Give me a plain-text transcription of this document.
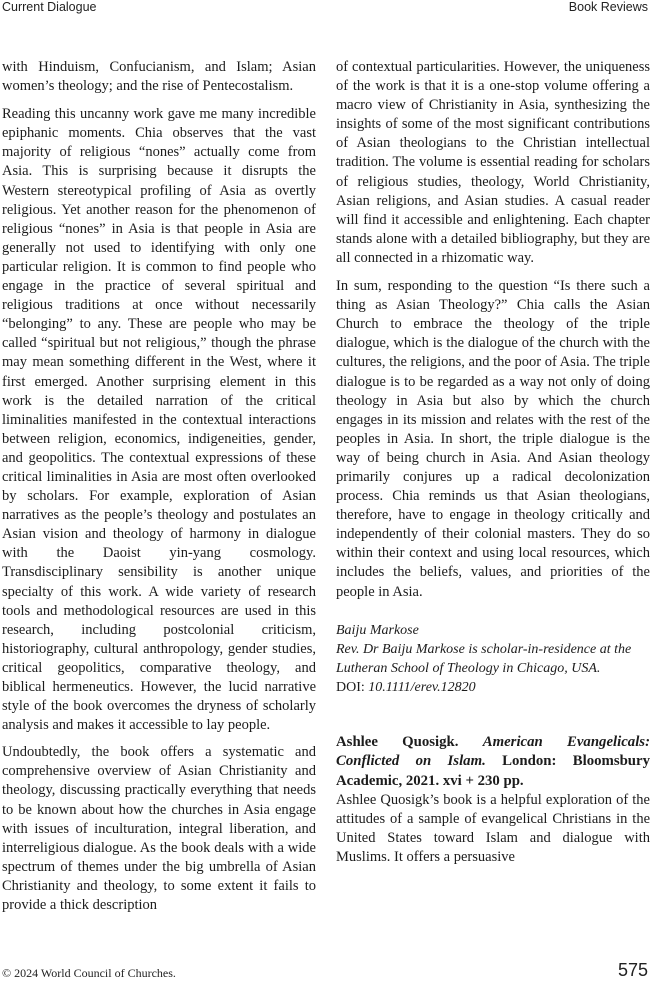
Current Dialogue	Book Reviews

with Hinduism, Confucianism, and Islam; Asian women’s theology; and the rise of Pentecostalism.

Reading this uncanny work gave me many incredible epiphanic moments. Chia observes that the vast majority of religious “nones” actually come from Asia. This is surprising because it disrupts the Western stereotypical profiling of Asia as overtly religious. Yet another reason for the phenomenon of religious “nones” in Asia is that people in Asia are generally not used to identifying with only one particular religion. It is common to find people who engage in the practice of several spiritual and religious traditions at once without necessarily “belonging” to any. These are people who may be called “spiritual but not religious,” though the phrase may mean something different in the West, where it first emerged. Another surprising element in this work is the detailed narration of the critical liminalities manifested in the contextual interactions between religion, economics, indigeneities, gender, and geopolitics. The contextual expressions of these critical liminalities in Asia are most often overlooked by scholars. For example, exploration of Asian narratives as the people’s theology and postulates an Asian vision and theology of harmony in dialogue with the Daoist yin-yang cosmology. Transdisciplinary sensibility is another unique specialty of this work. A wide variety of research tools and methodological resources are used in this research, including postcolonial criticism, historiography, cultural anthropology, gender studies, critical geopolitics, comparative theology, and biblical hermeneutics. However, the lucid narrative style of the book overcomes the dryness of scholarly analysis and makes it accessible to lay people.

Undoubtedly, the book offers a systematic and comprehensive overview of Asian Christianity and theology, discussing practically everything that needs to be known about how the churches in Asia engage with issues of inculturation, integral liberation, and interreligious dialogue. As the book deals with a wide spectrum of themes under the big umbrella of Asian Christianity and theology, to some extent it fails to provide a thick description

of contextual particularities. However, the uniqueness of the work is that it is a one-stop volume offering a macro view of Christianity in Asia, synthesizing the insights of some of the most significant contributions of Asian theologians to the Christian intellectual tradition. The volume is essential reading for scholars of religious studies, theology, World Christianity, Asian religions, and Asian studies. A casual reader will find it accessible and enlightening. Each chapter stands alone with a detailed bibliography, but they are all connected in a rhizomatic way.

In sum, responding to the question “Is there such a thing as Asian Theology?” Chia calls the Asian Church to embrace the theology of the triple dialogue, which is the dialogue of the church with the cultures, the religions, and the poor of Asia. The triple dialogue is to be regarded as a way not only of doing theology in Asia but also by which the church engages in its mission and relates with the rest of the peoples in Asia. In short, the triple dialogue is the way of being church in Asia. And Asian theology primarily conjures up a radical decolonization process. Chia reminds us that Asian theologians, therefore, have to engage in theology critically and independently of their colonial masters. They do so within their context and using local resources, which includes the beliefs, values, and priorities of the people in Asia.

Baiju Markose
Rev. Dr Baiju Markose is scholar-in-residence at the
Lutheran School of Theology in Chicago, USA.
DOI: 10.1111/erev.12820
Ashlee Quosigk. American Evangelicals: Conflicted on Islam. London: Bloomsbury Academic, 2021. xvi + 230 pp.

Ashlee Quosigk’s book is a helpful exploration of the attitudes of a sample of evangelical Christians in the United States toward Islam and dialogue with Muslims. It offers a persuasive

© 2024 World Council of Churches.	575
